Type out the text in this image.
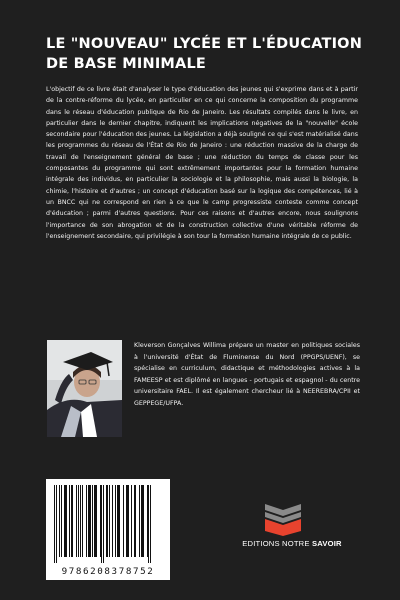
LE "NOUVEAU" LYCÉE ET L'ÉDUCATION
DE BASE MINIMALE
L'objectif de ce livre était d'analyser le type d'éducation des jeunes qui s'exprime dans et à partir de la contre-réforme du lycée, en particulier en ce qui concerne la composition du programme dans le réseau d'éducation publique de Rio de Janeiro. Les résultats compilés dans le livre, en particulier dans le dernier chapitre, indiquent les implications négatives de la "nouvelle" école secondaire pour l'éducation des jeunes. La législation a déjà souligné ce qui s'est matérialisé dans les programmes du réseau de l'État de Rio de Janeiro : une réduction massive de la charge de travail de l'enseignement général de base ; une réduction du temps de classe pour les composantes du programme qui sont extrêmement importantes pour la formation humaine intégrale des individus, en particulier la sociologie et la philosophie, mais aussi la biologie, la chimie, l'histoire et d'autres ; un concept d'éducation basé sur la logique des compétences, lié à un BNCC qui ne correspond en rien à ce que le camp progressiste conteste comme concept d'éducation ; parmi d'autres questions. Pour ces raisons et d'autres encore, nous soulignons l'importance de son abrogation et de la construction collective d'une véritable réforme de l'enseignement secondaire, qui privilégie à son tour la formation humaine intégrale de ce public.
Kleverson Gonçalves Willima prépare un master en politiques sociales à l'université d'État de Fluminense du Nord (PPGPS/UENF), se spécialise en curriculum, didactique et méthodologies actives à la FAMEESP et est diplômé en langues - portugais et espagnol - du centre universitaire FAEL. Il est également chercheur lié à NEEREBRA/CPII et GEPPEGE/UFPA.
9786208378752
EDITIONS NOTRE SAVOIR
